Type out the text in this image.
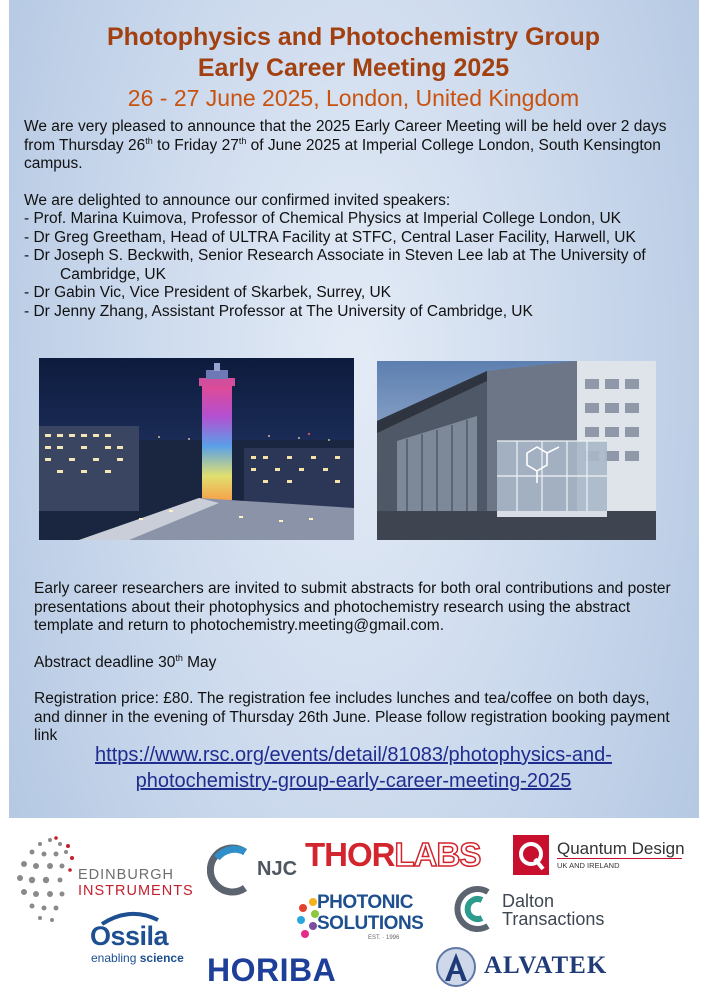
Photophysics and Photochemistry Group
Early Career Meeting 2025

26 - 27 June 2025, London, United Kingdom

We are very pleased to announce that the 2025 Early Career Meeting will be held over 2 days from Thursday 26th to Friday 27th of June 2025 at Imperial College London, South Kensington campus.

We are delighted to announce our confirmed invited speakers:

- Prof. Marina Kuimova, Professor of Chemical Physics at Imperial College London, UK
- Dr Greg Greetham, Head of ULTRA Facility at STFC, Central Laser Facility, Harwell, UK
- Dr Joseph S. Beckwith, Senior Research Associate in Steven Lee lab at The University of Cambridge, UK
- Dr Gabin Vic, Vice President of Skarbek, Surrey, UK
- Dr Jenny Zhang, Assistant Professor at The University of Cambridge, UK

Early career researchers are invited to submit abstracts for both oral contributions and poster presentations about their photophysics and photochemistry research using the abstract template and return to photochemistry.meeting@gmail.com.

Abstract deadline 30th May

Registration price: £80. The registration fee includes lunches and tea/coffee on both days, and dinner in the evening of Thursday 26th June. Please follow registration booking payment link

https://www.rsc.org/events/detail/81083/photophysics-and-
photochemistry-group-early-career-meeting-2025
EDINBURGH
INSTRUMENTS
NJC THORLABS	Quantum Design
UK AND IRELAND
PHOTONIC
SOLUTIONS
EST. · 1996
Dalton
Transactions
Ossila
enabling science HORIBA	ALVATEK
